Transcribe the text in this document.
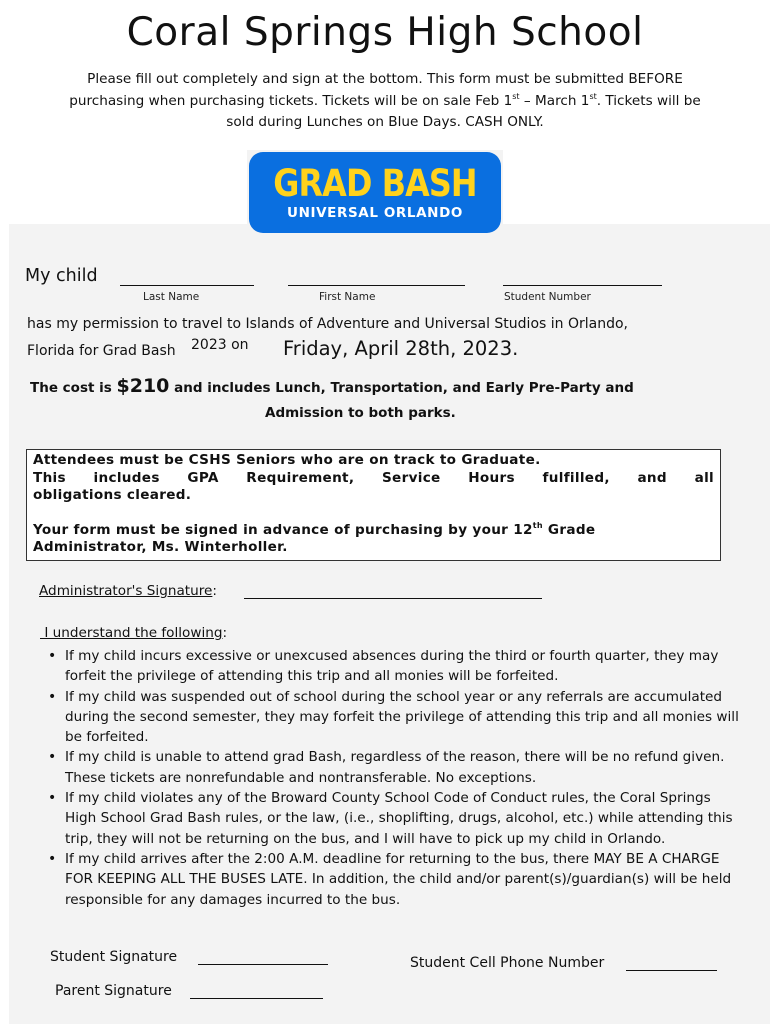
Coral Springs High School
Please fill out completely and sign at the bottom. This form must be submitted BEFORE
purchasing when purchasing tickets. Tickets will be on sale Feb 1st – March 1st. Tickets will be
sold during Lunches on Blue Days. CASH ONLY.
GRAD BASH
UNIVERSAL ORLANDO
My child
Last Name	First Name	Student Number
has my permission to travel to Islands of Adventure and Universal Studios in Orlando,
Florida for Grad Bash 2023 on Friday, April 28th, 2023.
The cost is $210 and includes Lunch, Transportation, and Early Pre-Party and
Admission to both parks.

Attendees must be CSHS Seniors who are on track to Graduate.

This includes GPA Requirement, Service Hours fulfilled, and all

obligations cleared.

Your form must be signed in advance of purchasing by your 12th Grade

Administrator, Ms. Winterholler.

Administrator's Signature:
I understand the following:
• If my child incurs excessive or unexcused absences during the third or fourth quarter, they may forfeit the privilege of attending this trip and all monies will be forfeited.
• If my child was suspended out of school during the school year or any referrals are accumulated during the second semester, they may forfeit the privilege of attending this trip and all monies will be forfeited.
• If my child is unable to attend grad Bash, regardless of the reason, there will be no refund given. These tickets are nonrefundable and nontransferable. No exceptions.
• If my child violates any of the Broward County School Code of Conduct rules, the Coral Springs High School Grad Bash rules, or the law, (i.e., shoplifting, drugs, alcohol, etc.) while attending this trip, they will not be returning on the bus, and I will have to pick up my child in Orlando.
• If my child arrives after the 2:00 A.M. deadline for returning to the bus, there MAY BE A CHARGE FOR KEEPING ALL THE BUSES LATE. In addition, the child and/or parent(s)/guardian(s) will be held responsible for any damages incurred to the bus.
Student Signature	Student Cell Phone Number
Parent Signature
